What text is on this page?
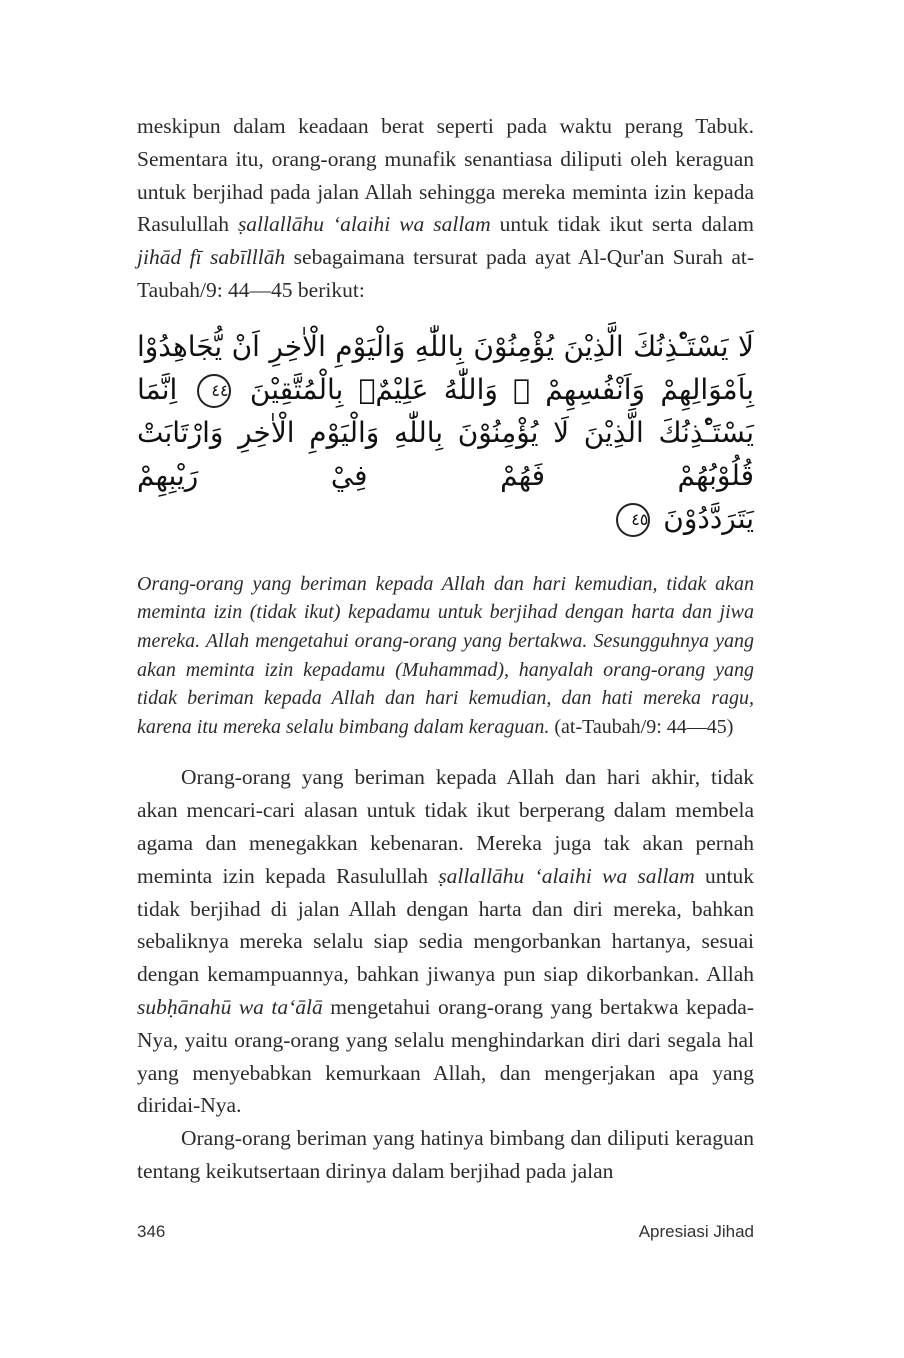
meskipun dalam keadaan berat seperti pada waktu perang Tabuk. Sementara itu, orang-orang munafik senantiasa diliputi oleh keraguan untuk berjihad pada jalan Allah sehingga mereka meminta izin kepada Rasulullah ṣallallāhu ‘alaihi wa sallam untuk tidak ikut serta dalam jihād fī sabīlllāh sebagaimana tersurat pada ayat Al-Qur'an Surah at-Taubah/9: 44—45 berikut:

لَا يَسْتَـْٔذِنُكَ الَّذِيْنَ يُؤْمِنُوْنَ بِاللّٰهِ وَالْيَوْمِ الْاٰخِرِ اَنْ يُّجَاهِدُوْا بِاَمْوَالِهِمْ وَاَنْفُسِهِمْ ۗ وَاللّٰهُ عَلِيْمٌۢ بِالْمُتَّقِيْنَ ٤٤ اِنَّمَا يَسْتَـْٔذِنُكَ الَّذِيْنَ لَا يُؤْمِنُوْنَ بِاللّٰهِ وَالْيَوْمِ الْاٰخِرِ وَارْتَابَتْ قُلُوْبُهُمْ فَهُمْ فِيْ رَيْبِهِمْ
يَتَرَدَّدُوْنَ ٤٥

Orang-orang yang beriman kepada Allah dan hari kemudian, tidak akan meminta izin (tidak ikut) kepadamu untuk berjihad dengan harta dan jiwa mereka. Allah mengetahui orang-orang yang bertakwa. Sesungguhnya yang akan meminta izin kepadamu (Muhammad), hanyalah orang-orang yang tidak beriman kepada Allah dan hari kemudian, dan hati mereka ragu, karena itu mereka selalu bimbang dalam keraguan. (at-Taubah/9: 44—45)

Orang-orang yang beriman kepada Allah dan hari akhir, tidak akan mencari-cari alasan untuk tidak ikut berperang dalam membela agama dan menegakkan kebenaran. Mereka juga tak akan pernah meminta izin kepada Rasulullah ṣallallāhu ‘alaihi wa sallam untuk tidak berjihad di jalan Allah dengan harta dan diri mereka, bahkan sebaliknya mereka selalu siap sedia mengorbankan hartanya, sesuai dengan kemampuannya, bahkan jiwanya pun siap dikorbankan. Allah subḥānahū wa ta‘ālā mengetahui orang-orang yang bertakwa kepada-Nya, yaitu orang-orang yang selalu menghindarkan diri dari segala hal yang menyebabkan kemurkaan Allah, dan mengerjakan apa yang diridai-Nya.

Orang-orang beriman yang hatinya bimbang dan diliputi keraguan tentang keikutsertaan dirinya dalam berjihad pada jalan

346	Apresiasi Jihad
